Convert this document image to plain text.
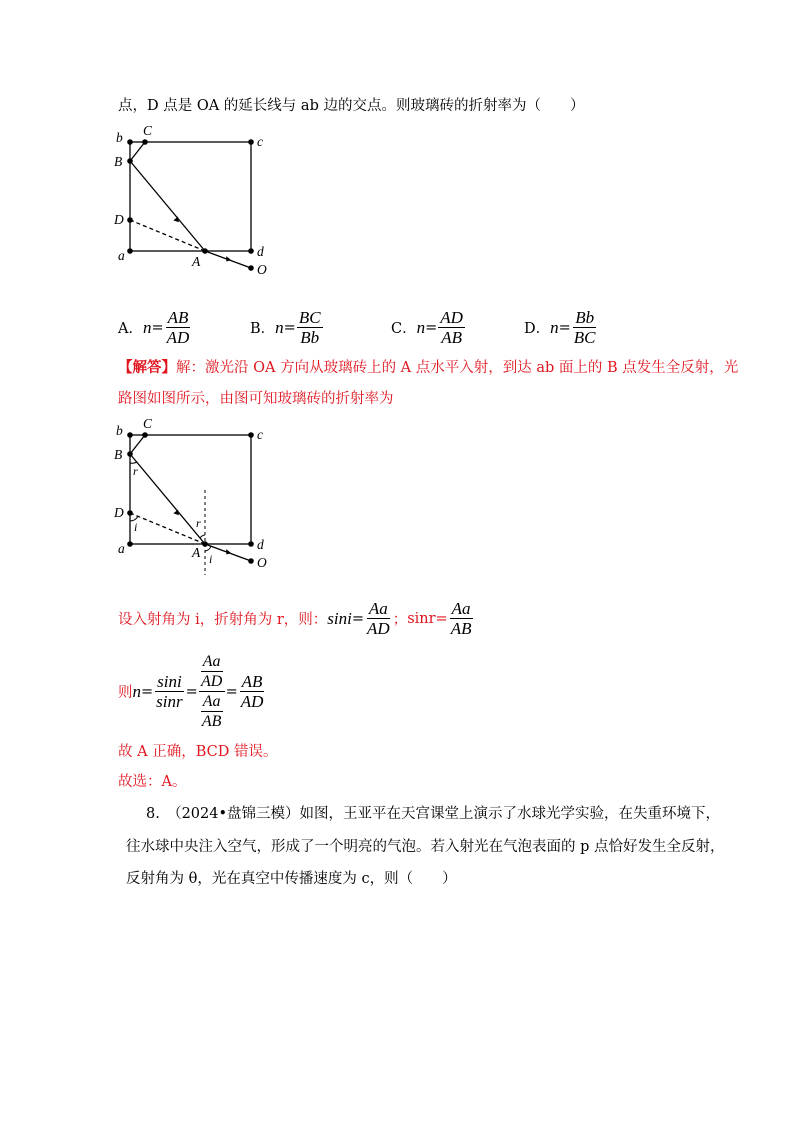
点，D 点是 OA 的延长线与 ab 边的交点。则玻璃砖的折射率为（　　）
b C
c
B
D
a	A
d
O
A． $n = \frac{AB}{AD}$	B． $n = \frac{BC}{Bb}$	C． $n = \frac{AD}{AB}$	D． $n = \frac{Bb}{BC}$
【解答】解：激光沿 OA 方向从玻璃砖上的 A 点水平入射，到达 ab 面上的 B 点发生全反射，光
路图如图所示，由图可知玻璃砖的折射率为
b C
c
B
r
D
i	r
a	A i
d
O
设入射角为 i，折射角为 r，则： $\sin i = \frac{Aa}{AD}$ ； $\sin r = \frac{Aa}{AB}$
则 $n = \frac{\sin i}{\sin r} = Aa$
AD
Aa
AB = $\frac{AB}{AD}$
故 A 正确，BCD 错误。
故选：A。
8.　（2024•盘锦三模）如图，王亚平在天宫课堂上演示了水球光学实验，在失重环境下，
往水球中央注入空气，形成了一个明亮的气泡。若入射光在气泡表面的 p 点恰好发生全反射，
反射角为 θ，光在真空中传播速度为 c，则（　　）
